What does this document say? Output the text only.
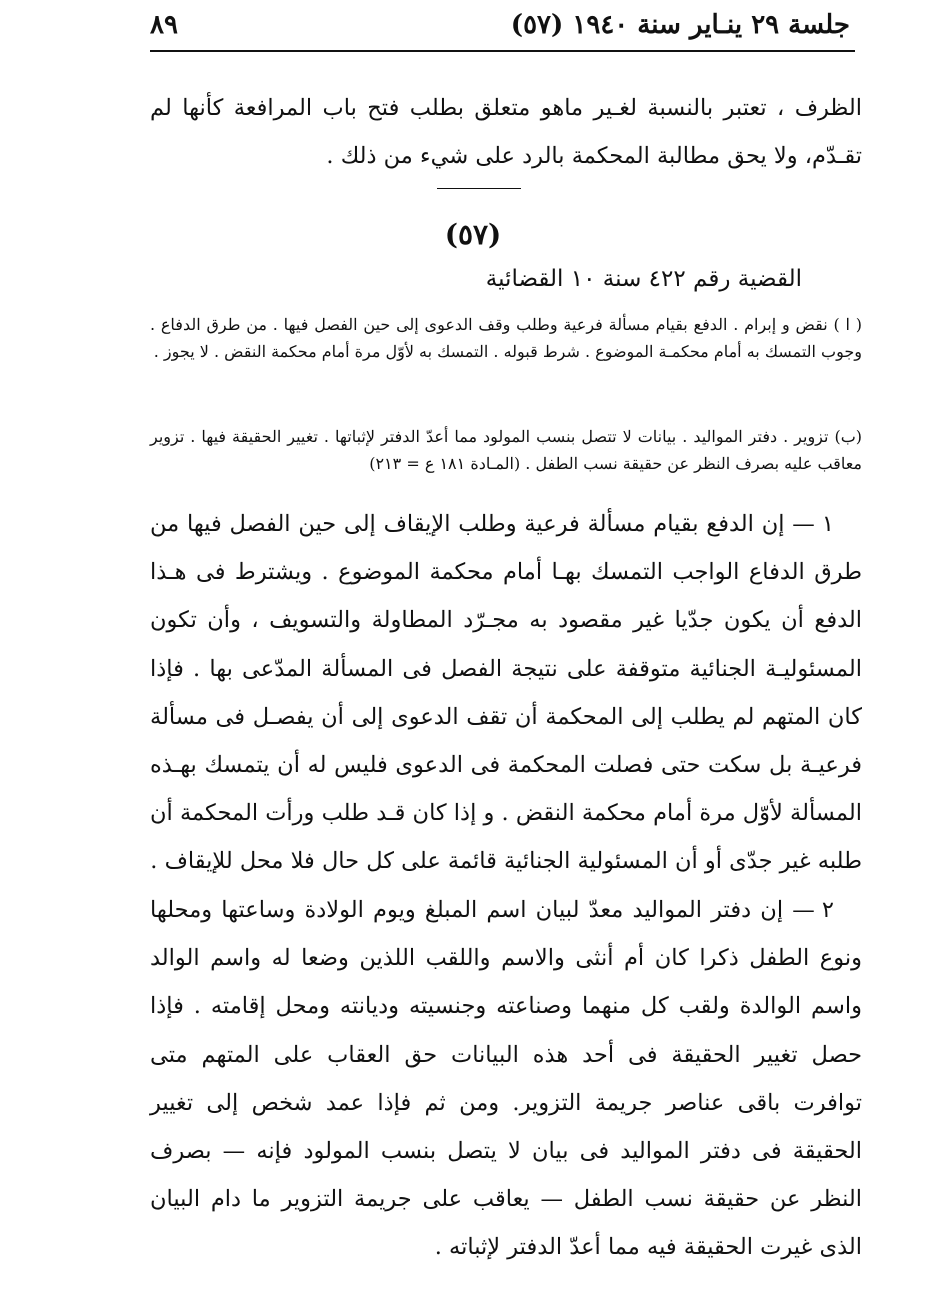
جلسة ٢٩ ينـاير سنة ١٩٤٠ (٥٧)
٨٩
الظرف ، تعتبر بالنسبة لغـير ماهو متعلق بطلب فتح باب المرافعة كأنها لم تقـدّم، ولا يحق مطالبة المحكمة بالرد على شيء من ذلك .
(٥٧)
القضية رقم ٤٢٢ سنة ١٠ القضائية
( ا ) نقض و إبرام . الدفع بقيام مسألة فرعية وطلب وقف الدعوى إلى حين الفصل فيها . من طرق الدفاع . وجوب التمسك به أمام محكمـة الموضوع . شرط قبوله . التمسك به لأوّل مرة أمام محكمة النقض . لا يجوز .
(ب) تزوير . دفتر المواليد . بيانات لا تتصل بنسب المولود مما أعدّ الدفتر لإثباتها . تغيير الحقيقة فيها . تزوير معاقب عليه بصرف النظر عن حقيقة نسب الطفل . (المـادة ١٨١ ع = ٢١٣)
١ — إن الدفع بقيام مسألة فرعية وطلب الإيقاف إلى حين الفصل فيها من طرق الدفاع الواجب التمسك بهـا أمام محكمة الموضوع . ويشترط فى هـذا الدفع أن يكون جدّيا غير مقصود به مجـرّد المطاولة والتسويف ، وأن تكون المسئوليـة الجنائية متوقفة على نتيجة الفصل فى المسألة المدّعى بها . فإذا كان المتهم لم يطلب إلى المحكمة أن تقف الدعوى إلى أن يفصـل فى مسألة فرعيـة بل سكت حتى فصلت المحكمة فى الدعوى فليس له أن يتمسك بهـذه المسألة لأوّل مرة أمام محكمة النقض . و إذا كان قـد طلب ورأت المحكمة أن طلبه غير جدّى أو أن المسئولية الجنائية قائمة على كل حال فلا محل للإيقاف .
٢ — إن دفتر المواليد معدّ لبيان اسم المبلغ ويوم الولادة وساعتها ومحلها ونوع الطفل ذكرا كان أم أنثى والاسم واللقب اللذين وضعا له واسم الوالد واسم الوالدة ولقب كل منهما وصناعته وجنسيته وديانته ومحل إقامته . فإذا حصل تغيير الحقيقة فى أحد هذه البيانات حق العقاب على المتهم متى توافرت باقى عناصر جريمة التزوير. ومن ثم فإذا عمد شخص إلى تغيير الحقيقة فى دفتر المواليد فى بيان لا يتصل بنسب المولود فإنه — بصرف النظر عن حقيقة نسب الطفل — يعاقب على جريمة التزوير ما دام البيان الذى غيرت الحقيقة فيه مما أعدّ الدفتر لإثباته .
